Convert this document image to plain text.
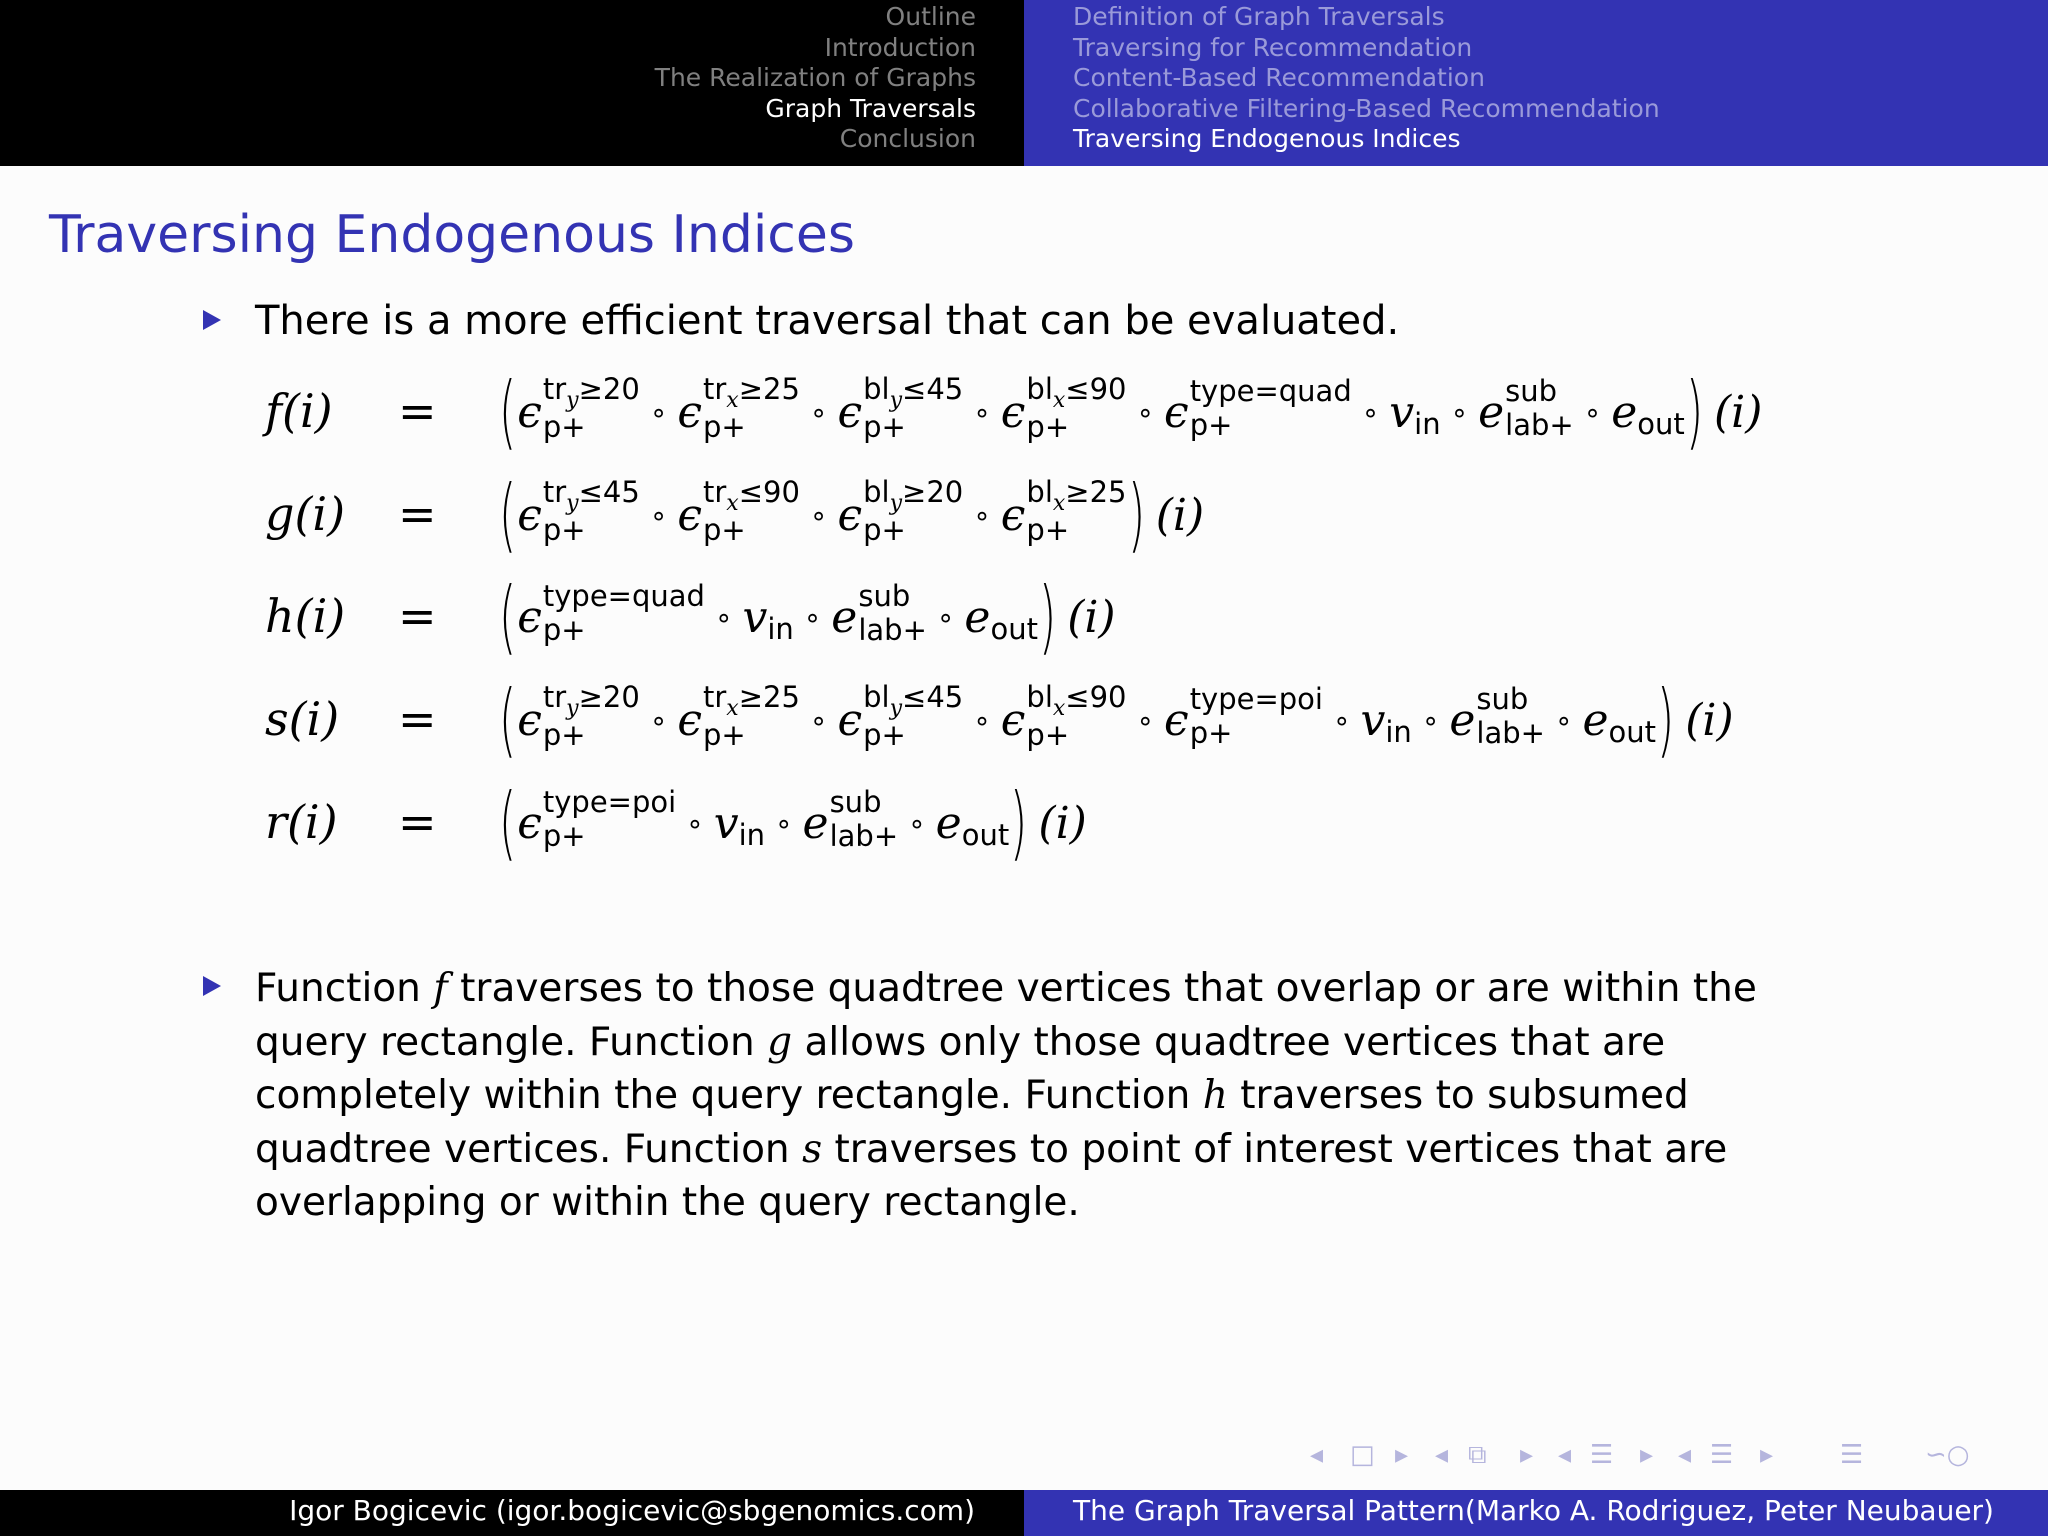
Outline
Introduction
The Realization of Graphs
Graph Traversals
Conclusion
Definition of Graph Traversals
Traversing for Recommendation
Content-Based Recommendation
Collaborative Filtering-Based Recommendation
Traversing Endogenous Indices
Traversing Endogenous Indices
There is a more efficient traversal that can be evaluated.
f(i) = ( ϵ $tr_y\ge 20$
p+	∘ ϵ $tr_x\ge 25$
p+	∘ ϵ $bl_y\le 45$
p+	∘ ϵ $bl_x\le 90$
p+	∘ ϵ type=quad
p+	∘ v in ∘ e sub
lab+ ∘ e out ) (i)
g(i) = ( ϵ $tr_y\le 45$
p+	∘ ϵ $tr_x\le 90$
p+	∘ ϵ $bl_y\ge 20$
p+	∘ ϵ $bl_x\ge 25$
p+ ) (i)
h(i) = ( ϵ type=quad
p+	∘ v in ∘ e sub
lab+ ∘ e out ) (i)
s(i) = ( ϵ $tr_y\ge 20$
p+	∘ ϵ $tr_x\ge 25$
p+	∘ ϵ $bl_y\le 45$
p+	∘ ϵ $bl_x\le 90$
p+	∘ ϵ type=poi
p+	∘ v in ∘ e sub
lab+ ∘ e out ) (i)
r(i) = ( ϵ type=poi
p+	∘ v in ∘ e sub
lab+ ∘ e out ) (i)
Function f traverses to those quadtree vertices that overlap or are within the query rectangle. Function g allows only those quadtree vertices that are completely within the query rectangle. Function h traverses to subsumed quadtree vertices. Function s traverses to point of interest vertices that are overlapping or within the query rectangle.
◂ □ ▸ ◂ ⧉ ▸ ◂ ☰ ▸ ◂ ☰ ▸	☰ ∽○
Igor Bogicevic (igor.bogicevic@sbgenomics.com)	The Graph Traversal Pattern(Marko A. Rodriguez, Peter Neubauer)
